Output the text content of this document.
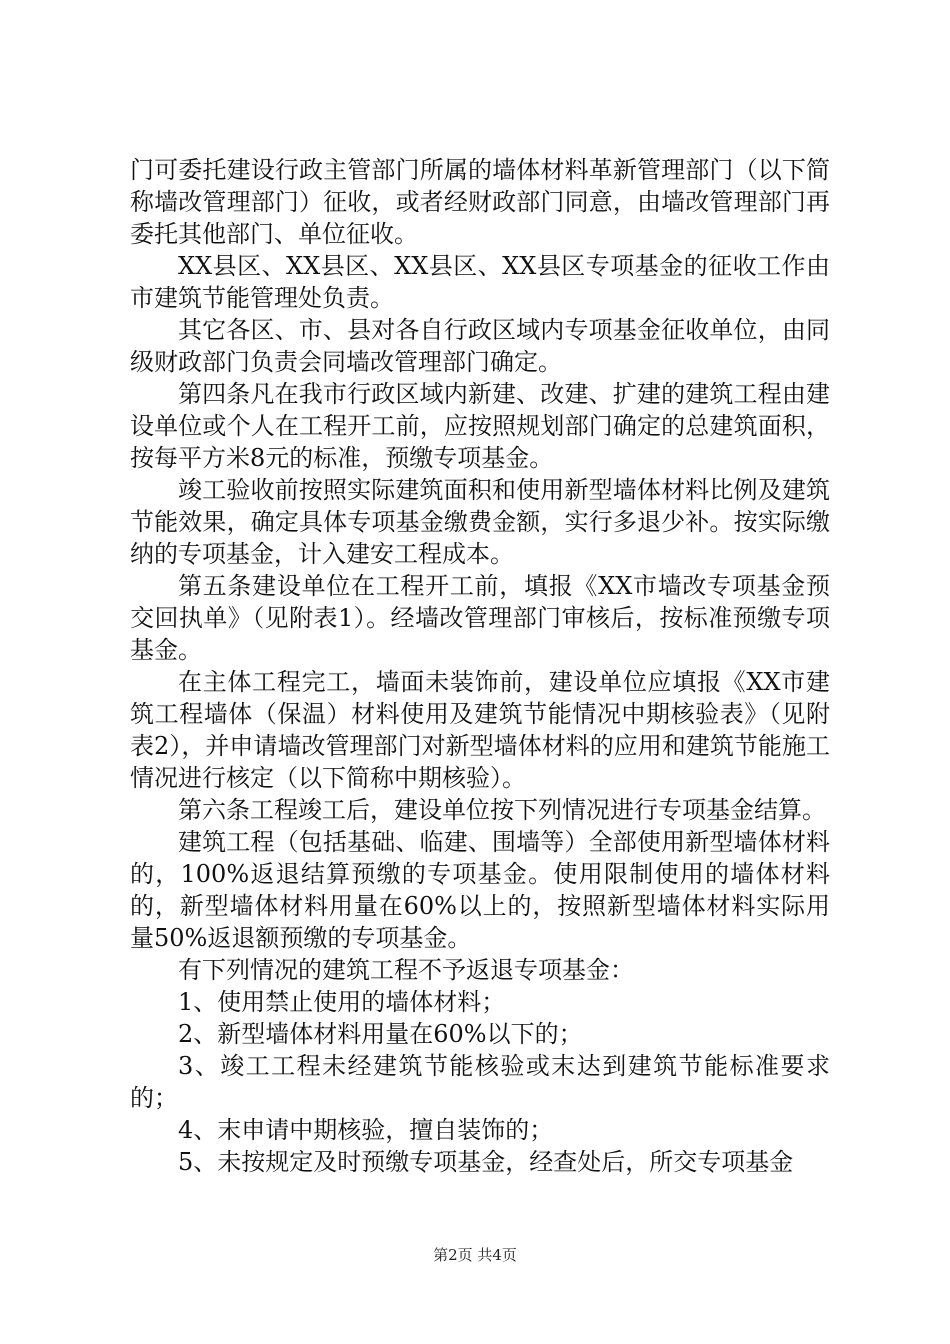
门可委托建设行政主管部门所属的墙体材料革新管理部门（以下简称墙改管理部门）征收，或者经财政部门同意，由墙改管理部门再委托其他部门、单位征收。

XX县区、XX县区、XX县区、XX县区专项基金的征收工作由市建筑节能管理处负责。

其它各区、市、县对各自行政区域内专项基金征收单位，由同级财政部门负责会同墙改管理部门确定。

第四条凡在我市行政区域内新建、改建、扩建的建筑工程由建设单位或个人在工程开工前，应按照规划部门确定的总建筑面积，按每平方米8元的标准，预缴专项基金。

竣工验收前按照实际建筑面积和使用新型墙体材料比例及建筑节能效果，确定具体专项基金缴费金额，实行多退少补。按实际缴纳的专项基金，计入建安工程成本。

第五条建设单位在工程开工前，填报《XX市墙改专项基金预交回执单》（见附表1）。经墙改管理部门审核后，按标准预缴专项基金。

在主体工程完工，墙面未装饰前，建设单位应填报《XX市建筑工程墙体（保温）材料使用及建筑节能情况中期核验表》（见附表2），并申请墙改管理部门对新型墙体材料的应用和建筑节能施工情况进行核定（以下简称中期核验）。

第六条工程竣工后，建设单位按下列情况进行专项基金结算。

建筑工程（包括基础、临建、围墙等）全部使用新型墙体材料的，100%返退结算预缴的专项基金。使用限制使用的墙体材料的，新型墙体材料用量在60%以上的，按照新型墙体材料实际用量50%返退额预缴的专项基金。

有下列情况的建筑工程不予返退专项基金：

1、使用禁止使用的墙体材料；

2、新型墙体材料用量在60%以下的；

3、竣工工程未经建筑节能核验或末达到建筑节能标准要求的；

4、末申请中期核验，擅自装饰的；

5、未按规定及时预缴专项基金，经查处后，所交专项基金

第2页 共4页
